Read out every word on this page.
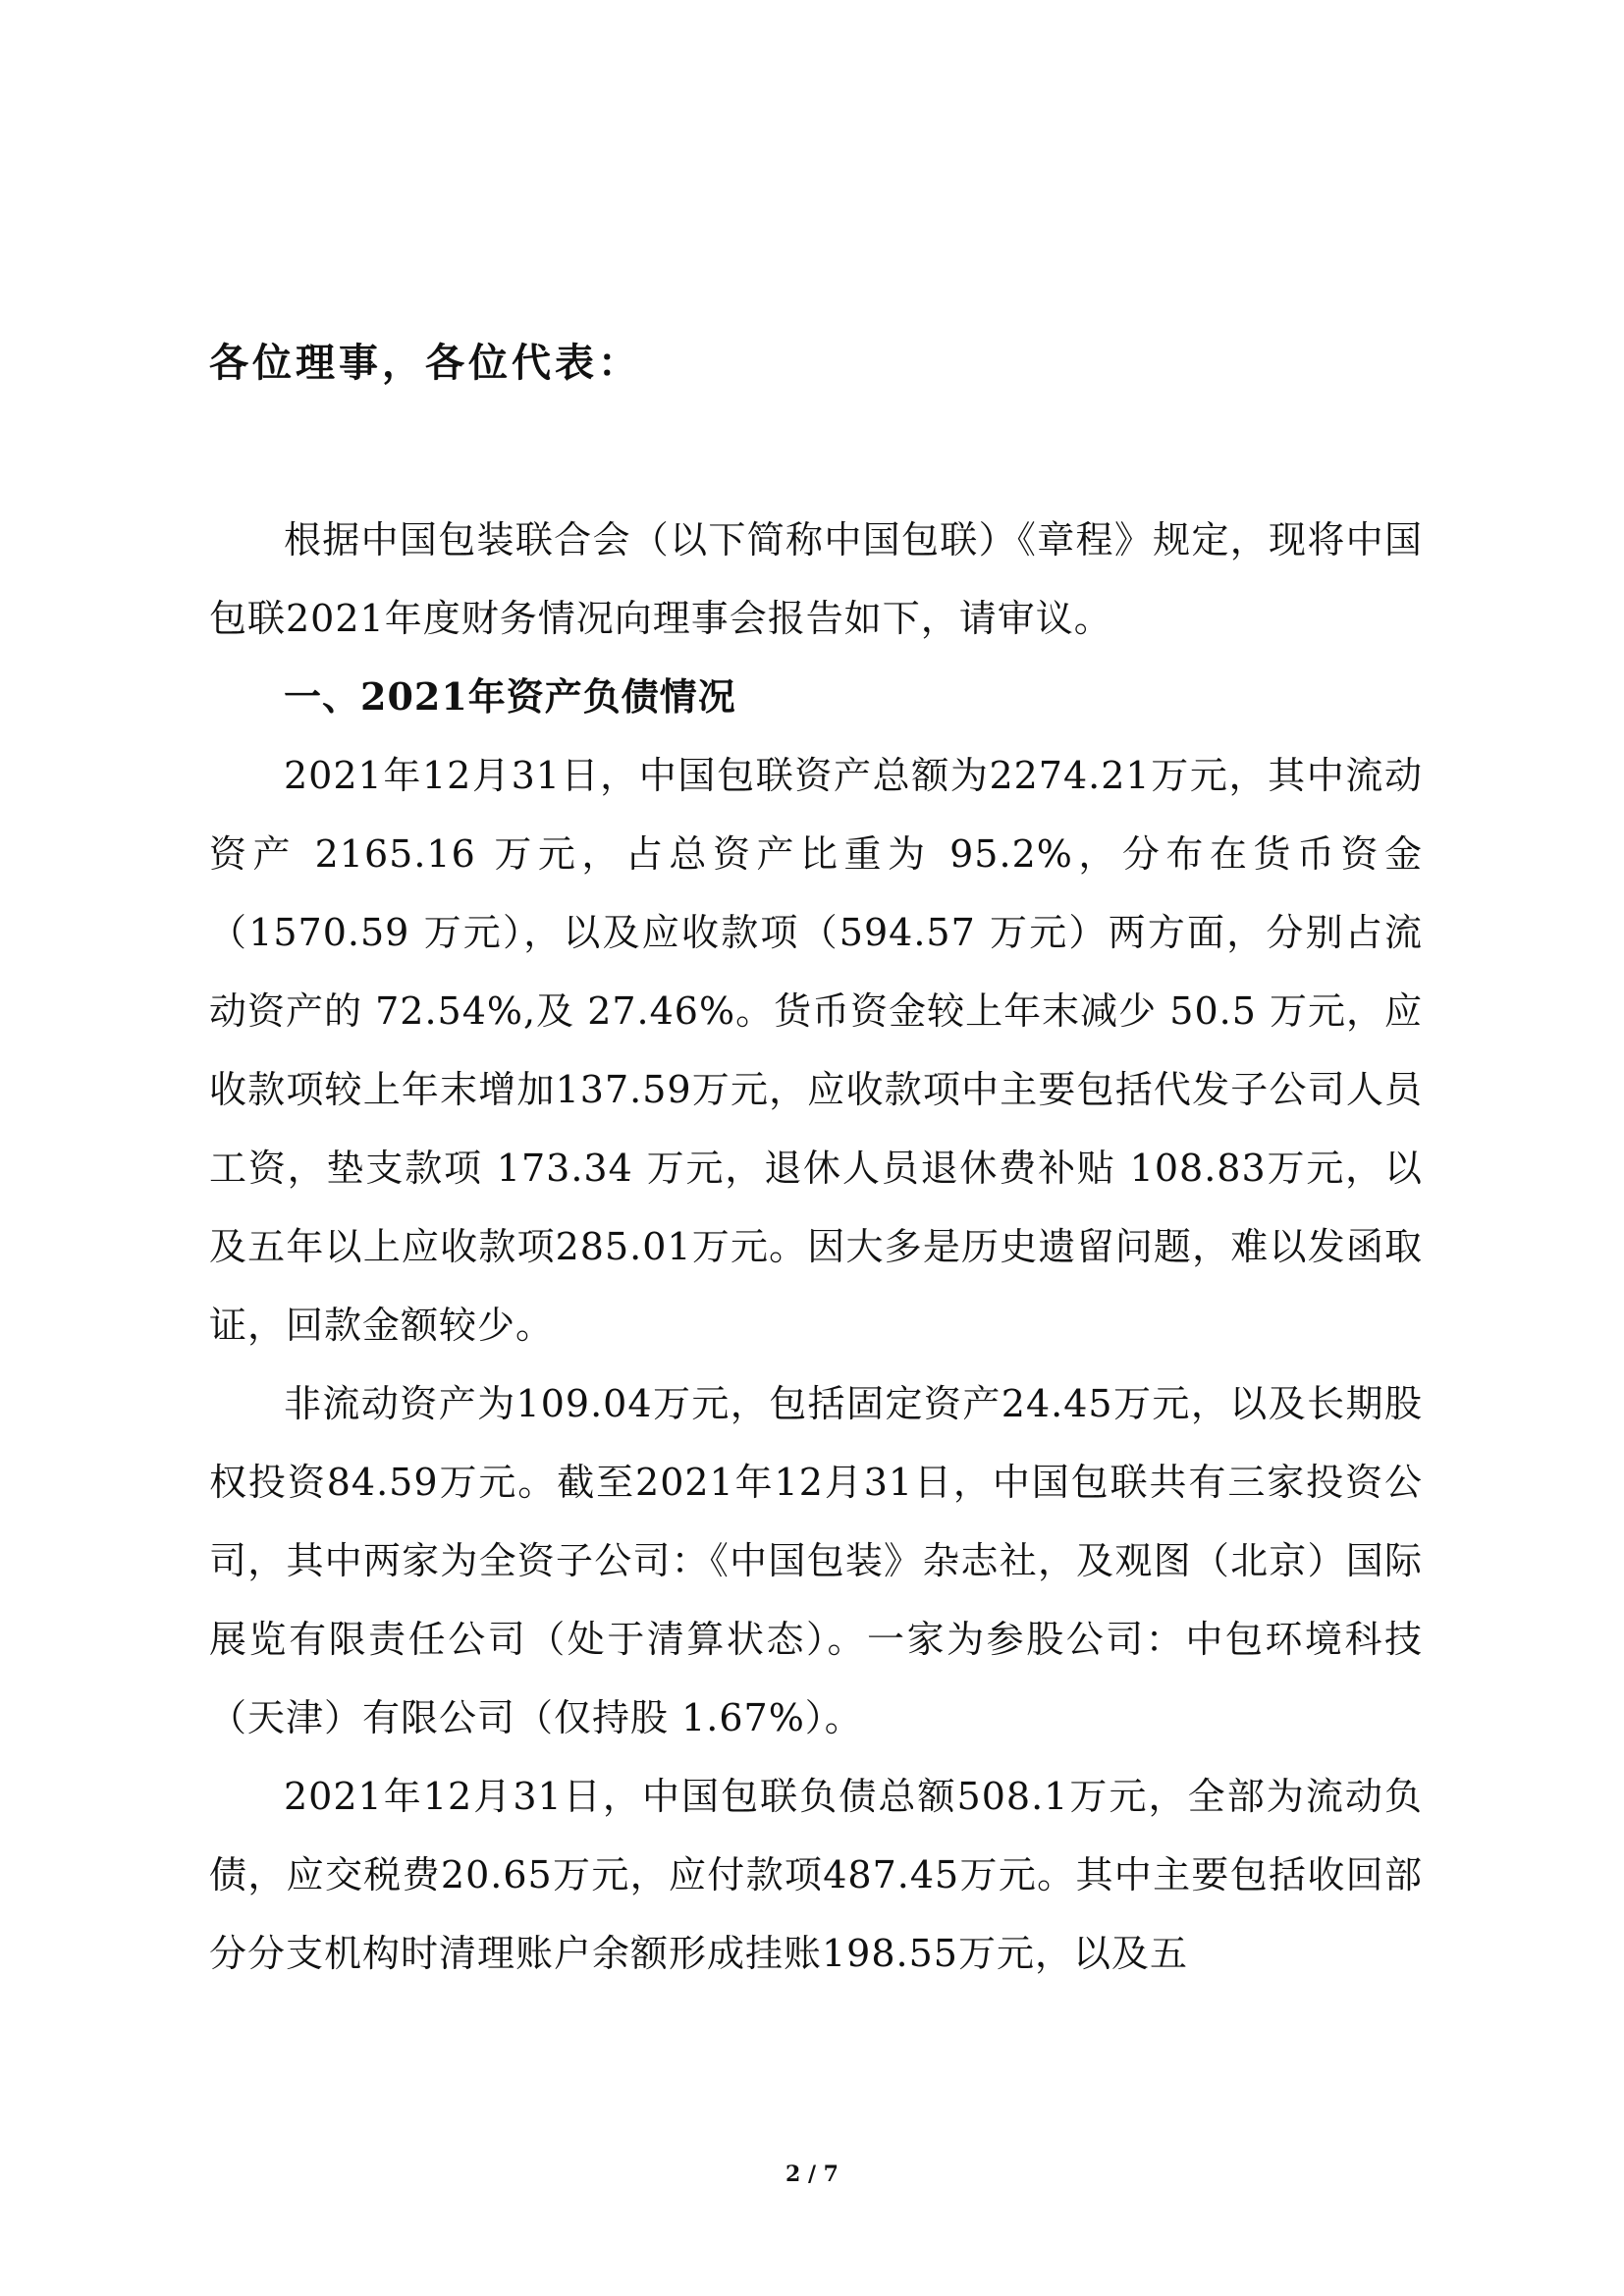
各位理事，各位代表：

根据中国包装联合会（以下简称中国包联）《章程》规定，现将中国包联2021年度财务情况向理事会报告如下，请审议。

一、2021年资产负债情况

2021年12月31日，中国包联资产总额为2274.21万元，其中流动资产 2165.16 万元，占总资产比重为 95.2%，分布在货币资金（1570.59 万元），以及应收款项（594.57 万元）两方面，分别占流动资产的 72.54%,及 27.46%。货币资金较上年末减少 50.5 万元，应收款项较上年末增加137.59万元，应收款项中主要包括代发子公司人员工资，垫支款项 173.34 万元，退休人员退休费补贴 108.83万元，以及五年以上应收款项285.01万元。因大多是历史遗留问题，难以发函取证，回款金额较少。

非流动资产为109.04万元，包括固定资产24.45万元，以及长期股权投资84.59万元。截至2021年12月31日，中国包联共有三家投资公司，其中两家为全资子公司：《中国包装》杂志社，及观图（北京）国际展览有限责任公司（处于清算状态）。一家为参股公司：中包环境科技（天津）有限公司（仅持股 1.67%）。

2021年12月31日，中国包联负债总额508.1万元，全部为流动负债，应交税费20.65万元，应付款项487.45万元。其中主要包括收回部分分支机构时清理账户余额形成挂账198.55万元，以及五

2 / 7
